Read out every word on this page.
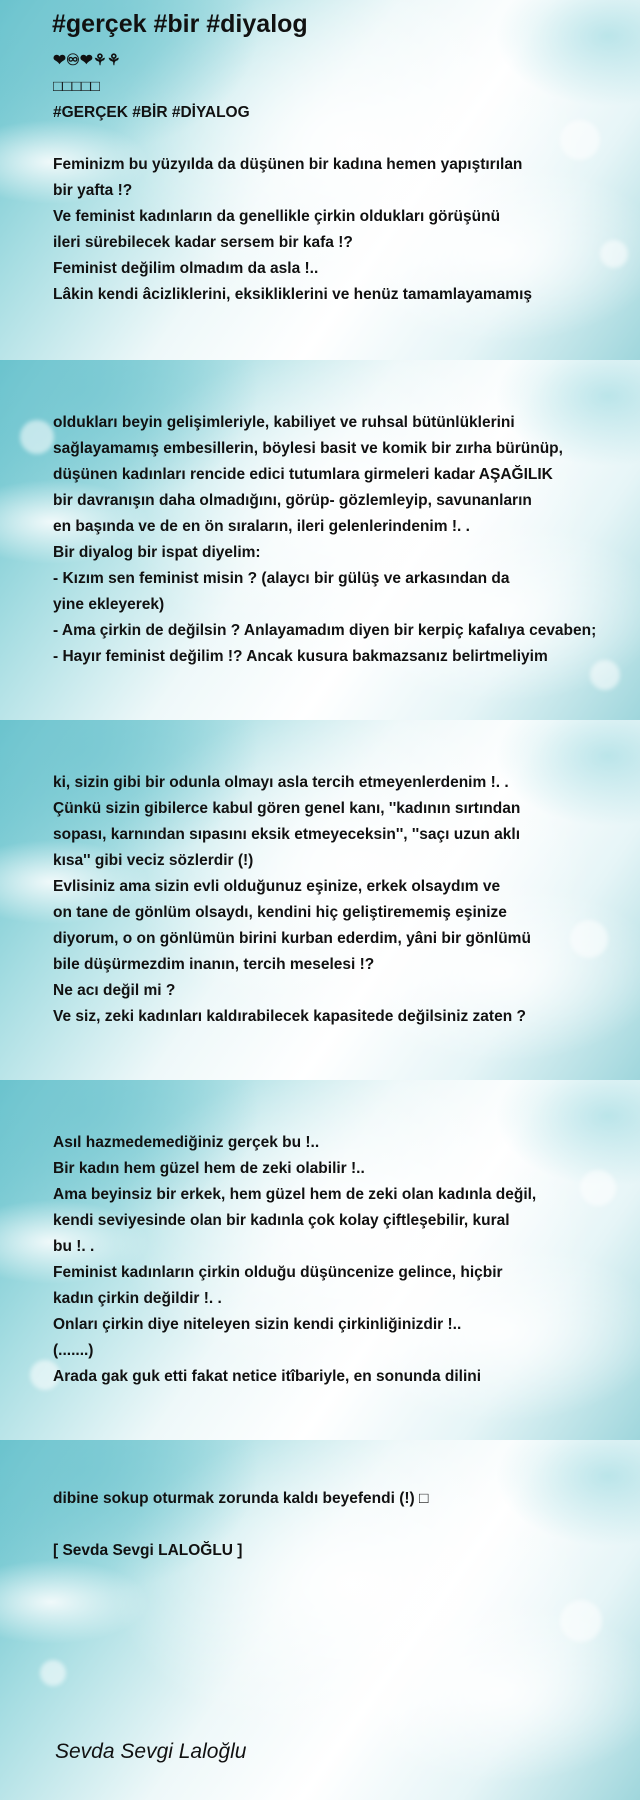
#gerçek #bir #diyalog
❤♾❤⚘⚘
□□□□□
#GERÇEK #BİR #DİYALOG

Feminizm bu yüzyılda da düşünen bir kadına hemen yapıştırılan
bir yafta !?
Ve feminist kadınların da genellikle çirkin oldukları görüşünü
ileri sürebilecek kadar sersem bir kafa !?
Feminist değilim olmadım da asla !..
Lâkin kendi âcizliklerini, eksikliklerini ve henüz tamamlayamamış
oldukları beyin gelişimleriyle, kabiliyet ve ruhsal bütünlüklerini
sağlayamamış embesillerin, böylesi basit ve komik bir zırha bürünüp,
düşünen kadınları rencide edici tutumlara girmeleri kadar AŞAĞILIK
bir davranışın daha olmadığını, görüp- gözlemleyip, savunanların
en başında ve de en ön sıraların, ileri gelenlerindenim !. .
Bir diyalog bir ispat diyelim:
- Kızım sen feminist misin ? (alaycı bir gülüş ve arkasından da
yine ekleyerek)
- Ama çirkin de değilsin ? Anlayamadım diyen bir kerpiç kafalıya cevaben;
- Hayır feminist değilim !? Ancak kusura bakmazsanız belirtmeliyim
ki, sizin gibi bir odunla olmayı asla tercih etmeyenlerdenim !. .
Çünkü sizin gibilerce kabul gören genel kanı, ''kadının sırtından
sopası, karnından sıpasını eksik etmeyeceksin'', ''saçı uzun aklı
kısa'' gibi veciz sözlerdir (!)
Evlisiniz ama sizin evli olduğunuz eşinize, erkek olsaydım ve
on tane de gönlüm olsaydı, kendini hiç geliştirememiş eşinize
diyorum, o on gönlümün birini kurban ederdim, yâni bir gönlümü
bile düşürmezdim inanın, tercih meselesi !?
Ne acı değil mi ?
Ve siz, zeki kadınları kaldırabilecek kapasitede değilsiniz zaten ?
Asıl hazmedemediğiniz gerçek bu !..
Bir kadın hem güzel hem de zeki olabilir !..
Ama beyinsiz bir erkek, hem güzel hem de zeki olan kadınla değil,
kendi seviyesinde olan bir kadınla çok kolay çiftleşebilir, kural
bu !. .
Feminist kadınların çirkin olduğu düşüncenize gelince, hiçbir
kadın çirkin değildir !. .
Onları çirkin diye niteleyen sizin kendi çirkinliğinizdir !..
(.......)
Arada gak guk etti fakat netice itîbariyle, en sonunda dilini
dibine sokup oturmak zorunda kaldı beyefendi (!) □

[ Sevda Sevgi LALOĞLU ]
Sevda Sevgi Laloğlu
